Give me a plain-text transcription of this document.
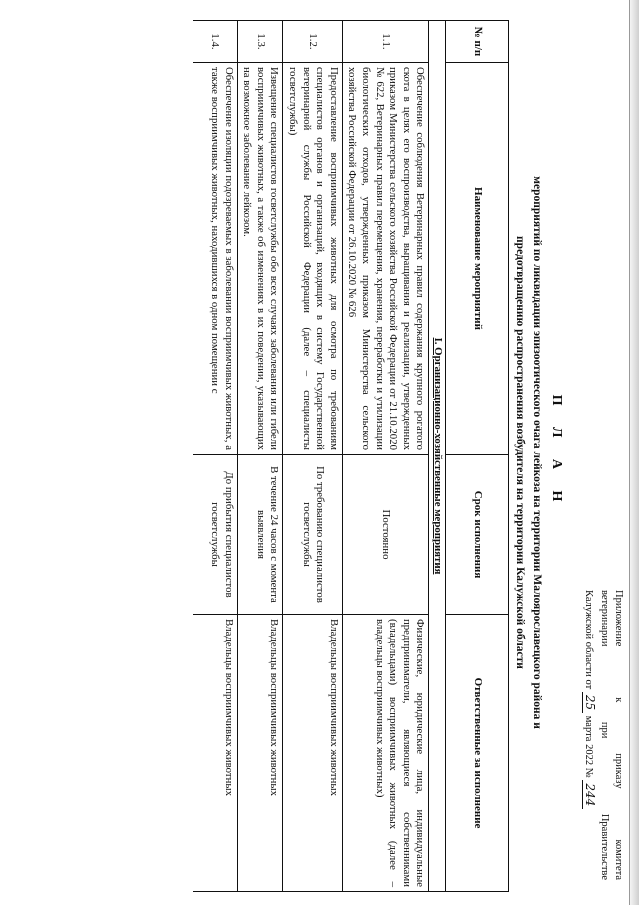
Приложение к приказу комитета
ветеринарии при Правительстве
Калужской области от 25 марта 2022 № 244
П Л А Н
мероприятий по ликвидации эпизоотического очага лейкоза на территории Малоярославецкого района и
предотвращению распространения возбудителя на территории Калужской области
№ п/п	Наименование мероприятий	Срок исполнения	Ответственные за исполнение
I. Организационно-хозяйственные мероприятия			
1.1.	Обеспечение соблюдения Ветеринарных правил содержания крупного рогатого скота в целях его воспроизводства, выращивания и реализации, утвержденных приказом Министерства сельского хозяйства Российской Федерации от 21.10.2020 № 622, Ветеринарных правил перемещения, хранения, переработки и утилизации биологических отходов, утвержденных приказом Министерства сельского хозяйства Российской Федерации от 26.10.2020 № 626	Постоянно	Физические, юридические лица, индивидуальные предприниматели, являющиеся собственниками (владельцами) восприимчивых животных (далее – владельцы восприимчивых животных)
1.2.	Предоставление восприимчивых животных для осмотра по требованиям специалистов органов и организаций, входящих в систему Государственной ветеринарной службы Российской Федерации (далее – специалисты госветслужбы)	По требованию специалистов госветслужбы	Владельцы восприимчивых животных
1.3.	Извещение специалистов госветслужбы обо всех случаях заболевания или гибели восприимчивых животных, а также об изменениях в их поведении, указывающих на возможное заболевание лейкозом.	В течение 24 часов с момента выявления	Владельцы восприимчивых животных
1.4.	Обеспечение изоляции подозреваемых в заболевании восприимчивых животных, а также восприимчивых животных, находившихся в одном помещении с	До прибытия специалистов госветслужбы	Владельцы восприимчивых животных
